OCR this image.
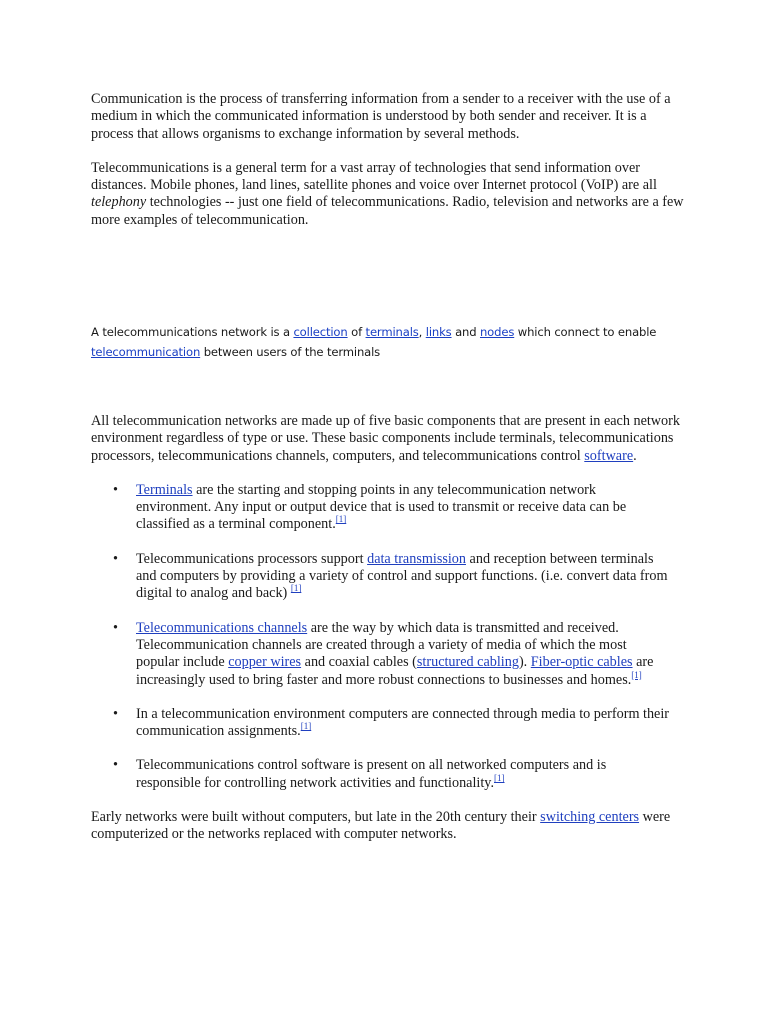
Communication is the process of transferring information from a sender to a receiver with the use of a medium in which the communicated information is understood by both sender and receiver. It is a process that allows organisms to exchange information by several methods.

Telecommunications is a general term for a vast array of technologies that send information over distances. Mobile phones, land lines, satellite phones and voice over Internet protocol (VoIP) are all telephony technologies -- just one field of telecommunications. Radio, television and networks are a few more examples of telecommunication.

A telecommunications network is a collection of terminals, links and nodes which connect to enable
telecommunication between users of the terminals

All telecommunication networks are made up of five basic components that are present in each network environment regardless of type or use. These basic components include terminals, telecommunications processors, telecommunications channels, computers, and telecommunications control software.

• Terminals are the starting and stopping points in any telecommunication network environment. Any input or output device that is used to transmit or receive data can be classified as a terminal component.[1]
• Telecommunications processors support data transmission and reception between terminals and computers by providing a variety of control and support functions. (i.e. convert data from digital to analog and back) [1]
• Telecommunications channels are the way by which data is transmitted and received. Telecommunication channels are created through a variety of media of which the most popular include copper wires and coaxial cables (structured cabling). Fiber-optic cables are increasingly used to bring faster and more robust connections to businesses and homes.[1]
• In a telecommunication environment computers are connected through media to perform their communication assignments.[1]
• Telecommunications control software is present on all networked computers and is responsible for controlling network activities and functionality.[1]

Early networks were built without computers, but late in the 20th century their switching centers were computerized or the networks replaced with computer networks.
